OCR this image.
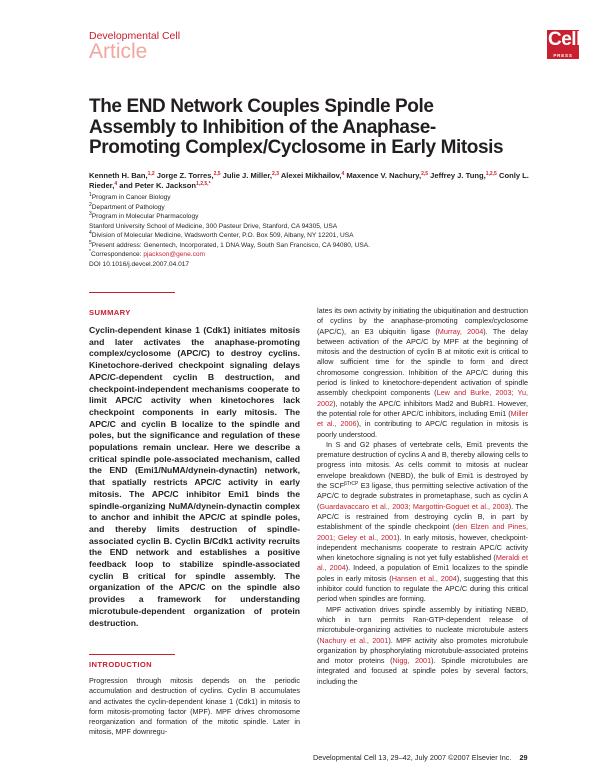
Developmental Cell
Article
Cell
PRESS
The END Network Couples Spindle Pole Assembly to Inhibition of the Anaphase-Promoting Complex/Cyclosome in Early Mitosis
Kenneth H. Ban,$^{1,2}$ Jorge Z. Torres,$^{2,5}$ Julie J. Miller,$^{2,3}$ Alexei Mikhailov,$^4$ Maxence V. Nachury,$^{2,5}$ Jeffrey J. Tung,$^{1,2,5}$ Conly L. Rieder,$^4$ and Peter K. Jackson$^{1,2,5,*}$
$^1$Program in Cancer Biology
$^2$Department of Pathology
$^3$Program in Molecular Pharmacology
Stanford University School of Medicine, 300 Pasteur Drive, Stanford, CA 94305, USA
$^4$Division of Molecular Medicine, Wadsworth Center, P.O. Box 509, Albany, NY 12201, USA
$^5$Present address: Genentech, Incorporated, 1 DNA Way, South San Francisco, CA 94080, USA.
*Correspondence: pjackson@gene.com
DOI 10.1016/j.devcel.2007.04.017
SUMMARY

Cyclin-dependent kinase 1 (Cdk1) initiates mitosis and later activates the anaphase-promoting complex/cyclosome (APC/C) to destroy cyclins. Kinetochore-derived checkpoint signaling delays APC/C-dependent cyclin B destruction, and checkpoint-independent mechanisms cooperate to limit APC/C activity when kinetochores lack checkpoint components in early mitosis. The APC/C and cyclin B localize to the spindle and poles, but the significance and regulation of these populations remain unclear. Here we describe a critical spindle pole-associated mechanism, called the END (Emi1/NuMA/dynein-dynactin) network, that spatially restricts APC/C activity in early mitosis. The APC/C inhibitor Emi1 binds the spindle-organizing NuMA/dynein-dynactin complex to anchor and inhibit the APC/C at spindle poles, and thereby limits destruction of spindle-associated cyclin B. Cyclin B/Cdk1 activity recruits the END network and establishes a positive feedback loop to stabilize spindle-associated cyclin B critical for spindle assembly. The organization of the APC/C on the spindle also provides a framework for understanding microtubule-dependent organization of protein destruction.

INTRODUCTION

Progression through mitosis depends on the periodic accumulation and destruction of cyclins. Cyclin B accumulates and activates the cyclin-dependent kinase 1 (Cdk1) in mitosis to form mitosis-promoting factor (MPF). MPF drives chromosome reorganization and formation of the mitotic spindle. Later in mitosis, MPF downregu-

lates its own activity by initiating the ubiquitination and destruction of cyclins by the anaphase-promoting complex/cyclosome (APC/C), an E3 ubiquitin ligase (Murray, 2004). The delay between activation of the APC/C by MPF at the beginning of mitosis and the destruction of cyclin B at mitotic exit is critical to allow sufficient time for the spindle to form and direct chromosome congression. Inhibition of the APC/C during this period is linked to kinetochore-dependent activation of spindle assembly checkpoint components (Lew and Burke, 2003; Yu, 2002), notably the APC/C inhibitors Mad2 and BubR1. However, the potential role for other APC/C inhibitors, including Emi1 (Miller et al., 2006), in contributing to APC/C regulation in mitosis is poorly understood.

In S and G2 phases of vertebrate cells, Emi1 prevents the premature destruction of cyclins A and B, thereby allowing cells to progress into mitosis. As cells commit to mitosis at nuclear envelope breakdown (NEBD), the bulk of Emi1 is destroyed by the $SCF^{\beta TrCP}$ E3 ligase, thus permitting selective activation of the APC/C to degrade substrates in prometaphase, such as cyclin A (Guardavaccaro et al., 2003; Margottin-Goguet et al., 2003). The APC/C is restrained from destroying cyclin B, in part by establishment of the spindle checkpoint (den Elzen and Pines, 2001; Geley et al., 2001). In early mitosis, however, checkpoint-independent mechanisms cooperate to restrain APC/C activity when kinetochore signaling is not yet fully established (Meraldi et al., 2004). Indeed, a population of Emi1 localizes to the spindle poles in early mitosis (Hansen et al., 2004), suggesting that this inhibitor could function to regulate the APC/C during this critical period when spindles are forming.

MPF activation drives spindle assembly by initiating NEBD, which in turn permits Ran-GTP-dependent release of microtubule-organizing activities to nucleate microtubule asters (Nachury et al., 2001). MPF activity also promotes microtubule organization by phosphorylating microtubule-associated proteins and motor proteins (Nigg, 2001). Spindle microtubules are integrated and focused at spindle poles by several factors, including the

Developmental Cell 13, 29–42, July 2007 ©2007 Elsevier Inc. 29
